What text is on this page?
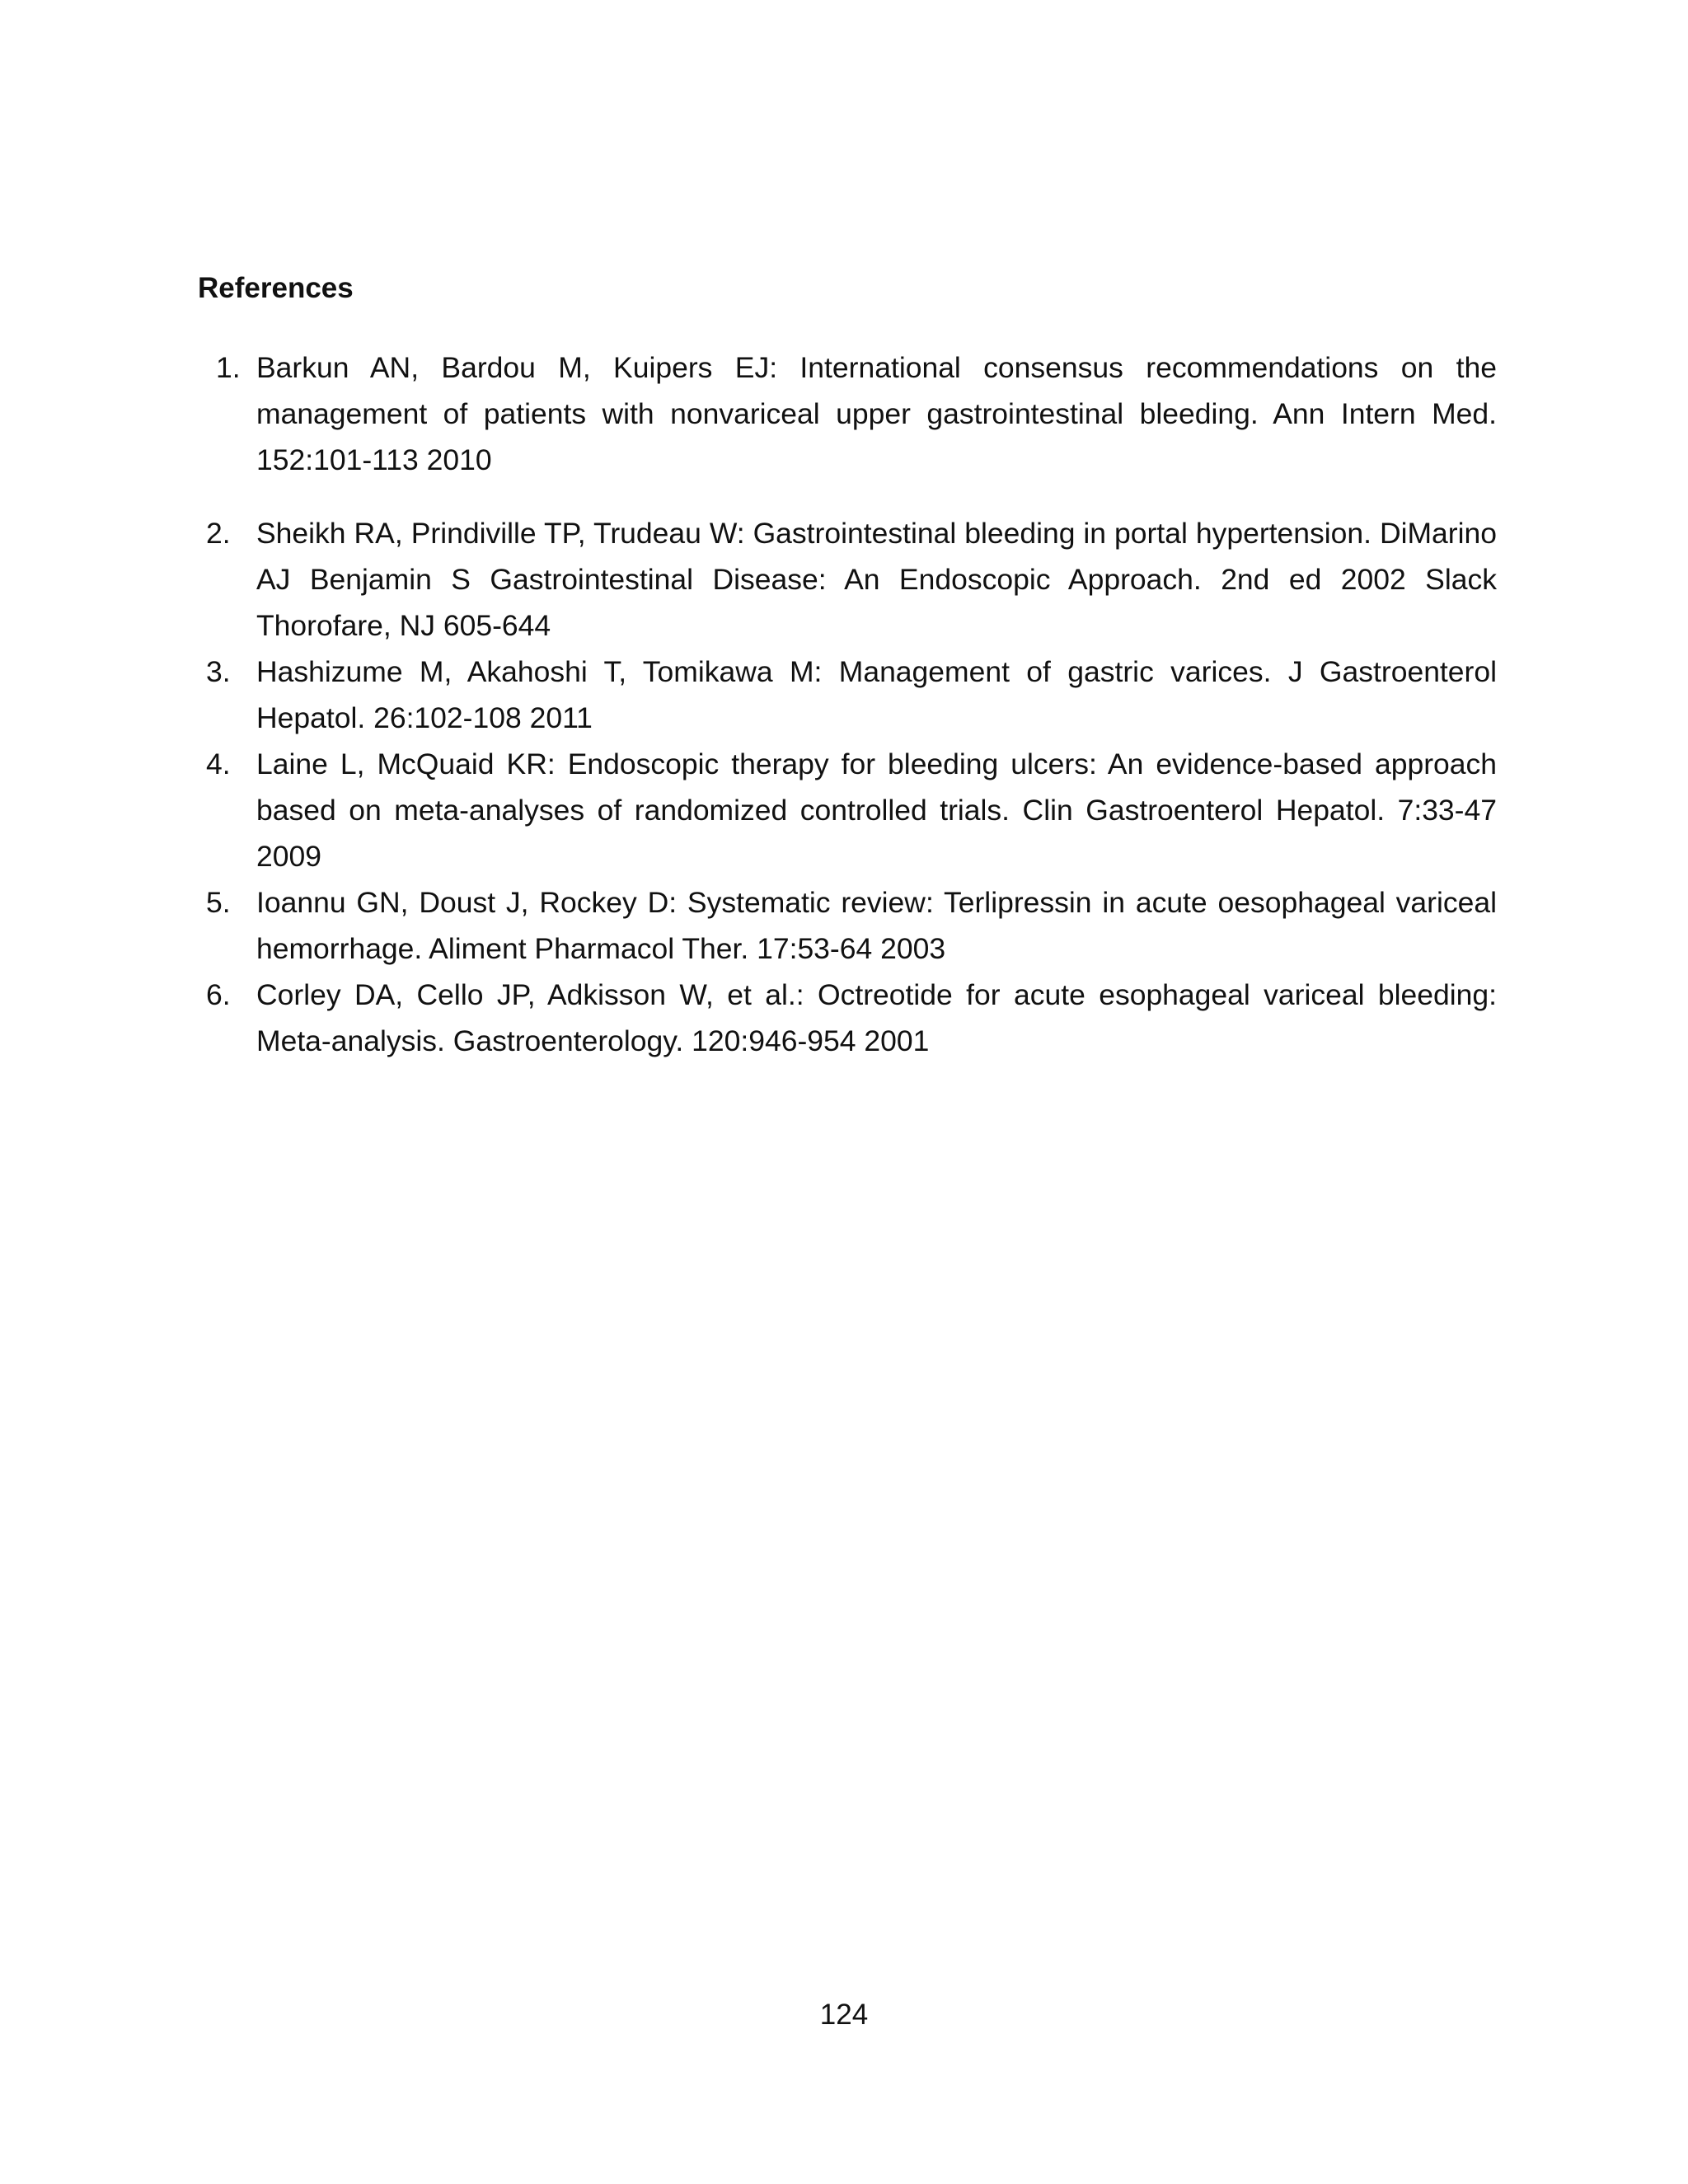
References
1. Barkun AN, Bardou M, Kuipers EJ: International consensus recommendations on the management of patients with nonvariceal upper gastrointestinal bleeding. Ann Intern Med. 152:101-113 2010
2. Sheikh RA, Prindiville TP, Trudeau W: Gastrointestinal bleeding in portal hypertension. DiMarino AJ Benjamin S Gastrointestinal Disease: An Endoscopic Approach. 2nd ed 2002 Slack Thorofare, NJ 605-644
3. Hashizume M, Akahoshi T, Tomikawa M: Management of gastric varices. J Gastroenterol Hepatol. 26:102-108 2011
4. Laine L, McQuaid KR: Endoscopic therapy for bleeding ulcers: An evidence-based approach based on meta-analyses of randomized controlled trials. Clin Gastroenterol Hepatol. 7:33-47 2009
5. Ioannu GN, Doust J, Rockey D: Systematic review: Terlipressin in acute oesophageal variceal hemorrhage. Aliment Pharmacol Ther. 17:53-64 2003
6. Corley DA, Cello JP, Adkisson W, et al.: Octreotide for acute esophageal variceal bleeding: Meta-analysis. Gastroenterology. 120:946-954 2001
124
